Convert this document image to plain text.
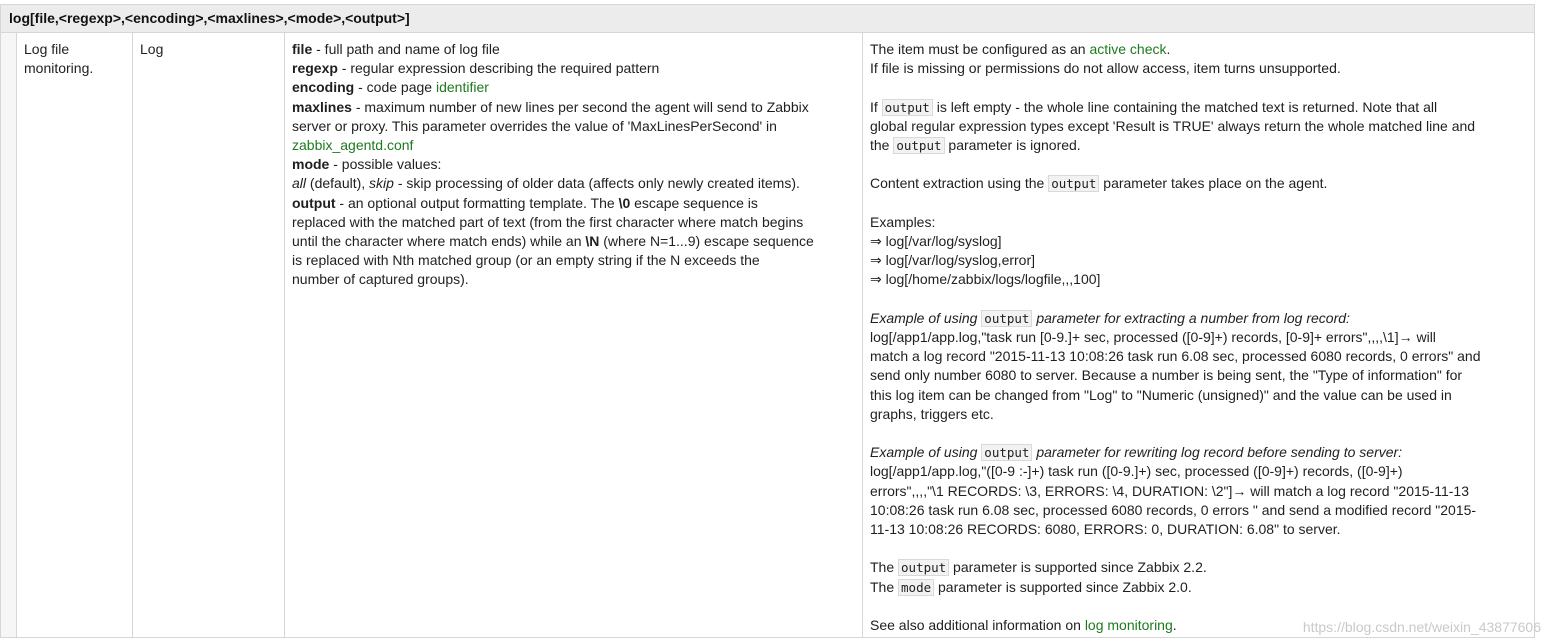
log[file,<regexp>,<encoding>,<maxlines>,<mode>,<output>]
Log file monitoring.
Log	file - full path and name of log file
regexp - regular expression describing the required pattern
encoding - code page identifier
maxlines - maximum number of new lines per second the agent will send to Zabbix
server or proxy. This parameter overrides the value of 'MaxLinesPerSecond' in
zabbix_agentd.conf
mode - possible values:
all (default), skip - skip processing of older data (affects only newly created items).
output - an optional output formatting template. The \0 escape sequence is
replaced with the matched part of text (from the first character where match begins
until the character where match ends) while an \N (where N=1...9) escape sequence
is replaced with Nth matched group (or an empty string if the N exceeds the
number of captured groups).
The item must be configured as an active check.
If file is missing or permissions do not allow access, item turns unsupported.
If output is left empty - the whole line containing the matched text is returned. Note that all
global regular expression types except 'Result is TRUE' always return the whole matched line and
the output parameter is ignored.
Content extraction using the output parameter takes place on the agent.
Examples:
⇒ log[/var/log/syslog]
⇒ log[/var/log/syslog,error]
⇒ log[/home/zabbix/logs/logfile,,,100]
Example of using output parameter for extracting a number from log record:
log[/app1/app.log,"task run [0-9.]+ sec, processed ([0-9]+) records, [0-9]+ errors",,,,\1]→ will
match a log record "2015-11-13 10:08:26 task run 6.08 sec, processed 6080 records, 0 errors" and
send only number 6080 to server. Because a number is being sent, the "Type of information" for
this log item can be changed from "Log" to "Numeric (unsigned)" and the value can be used in
graphs, triggers etc.
Example of using output parameter for rewriting log record before sending to server:
log[/app1/app.log,"([0-9 :-]+) task run ([0-9.]+) sec, processed ([0-9]+) records, ([0-9]+)
errors",,,,"\1 RECORDS: \3, ERRORS: \4, DURATION: \2"]→ will match a log record "2015-11-13
10:08:26 task run 6.08 sec, processed 6080 records, 0 errors " and send a modified record "2015-
11-13 10:08:26 RECORDS: 6080, ERRORS: 0, DURATION: 6.08" to server.
The output parameter is supported since Zabbix 2.2.
The mode parameter is supported since Zabbix 2.0.
See also additional information on log monitoring.	https://blog.csdn.net/weixin_43877606
